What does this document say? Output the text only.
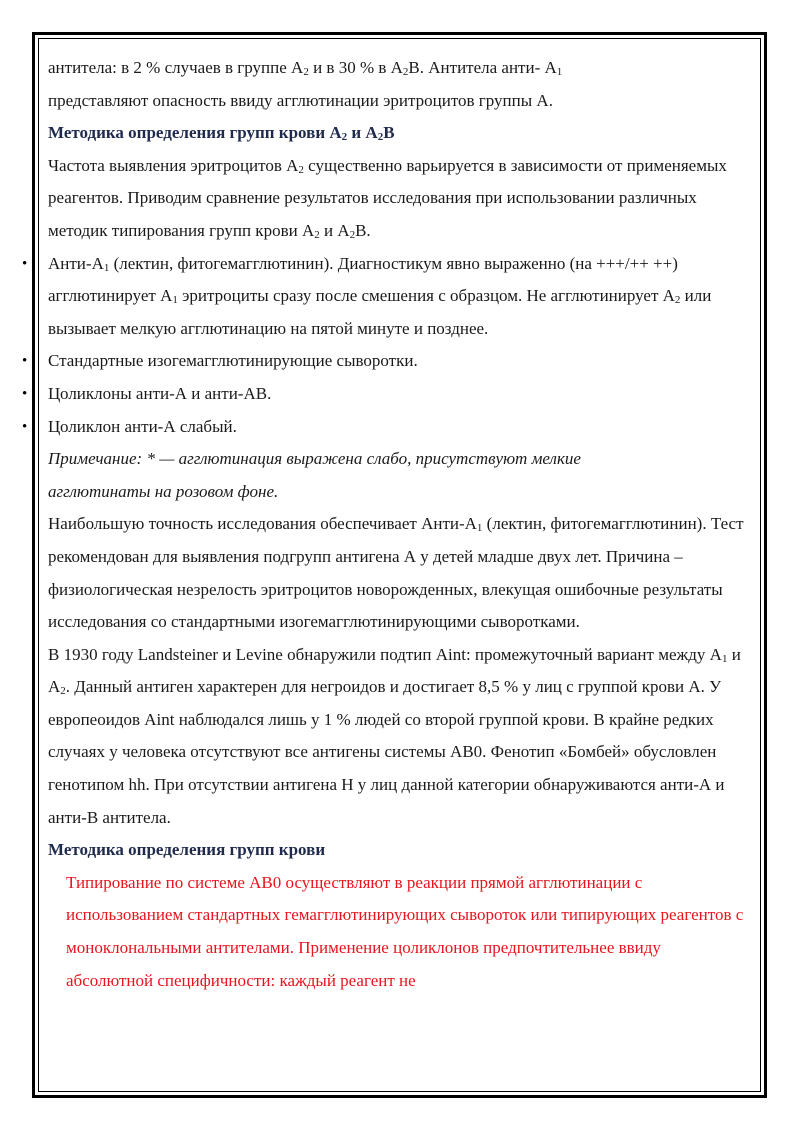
антитела: в 2 % случаев в группе А2 и в 30 % в А2В. Антитела анти- А1 представляют опасность ввиду агглютинации эритроцитов группы А.

Методика определения групп крови А2 и А2В

Частота выявления эритроцитов А2 существенно варьируется в зависимости от применяемых реагентов. Приводим сравнение результатов исследования при использовании различных методик типирования групп крови А2 и А2В.

• Анти-А1 (лектин, фитогемагглютинин). Диагностикум явно выраженно (на +++/++ ++) агглютинирует А1 эритроциты сразу после смешения с образцом. Не агглютинирует А2 или вызывает мелкую агглютинацию на пятой минуте и позднее.
• Стандартные изогемагглютинирующие сыворотки.
• Цоликлоны анти-А и анти-АВ.
• Цоликлон анти-А слабый.

Примечание: * — агглютинация выражена слабо, присутствуют мелкие агглютинаты на розовом фоне.

Наибольшую точность исследования обеспечивает Анти-А1 (лектин, фитогемагглютинин). Тест рекомендован для выявления подгрупп антигена А у детей младше двух лет. Причина – физиологическая незрелость эритроцитов новорожденных, влекущая ошибочные результаты исследования со стандартными изогемагглютинирующими сыворотками.

В 1930 году Landsteiner и Levine обнаружили подтип Aint: промежуточный вариант между А1 и А2. Данный антиген характерен для негроидов и достигает 8,5 % у лиц с группой крови А. У европеоидов Aint наблюдался лишь у 1 % людей со второй группой крови. В крайне редких случаях у человека отсутствуют все антигены системы АВ0. Фенотип «Бомбей» обусловлен генотипом hh. При отсутствии антигена Н у лиц данной категории обнаруживаются анти-А и анти-В антитела.

Методика определения групп крови

Типирование по системе АВ0 осуществляют в реакции прямой агглютинации с использованием стандартных гемагглютинирующих сывороток или типирующих реагентов с моноклональными антителами. Применение цоликлонов предпочтительнее ввиду абсолютной специфичности: каждый реагент не
